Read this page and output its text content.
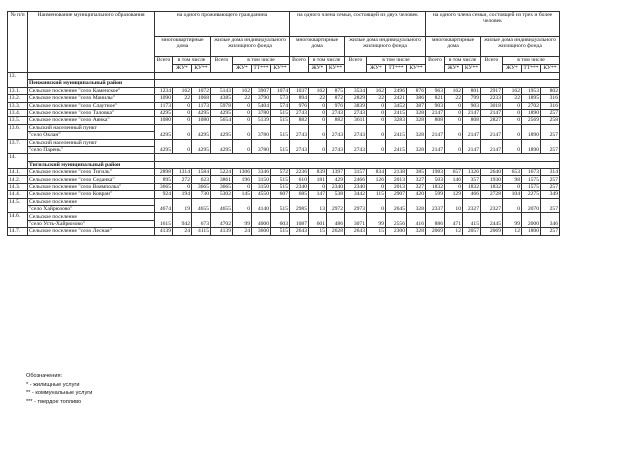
№ п/п	Наименование муниципального образования	на одного проживающего гражданина							на одного члена семьи, состоящей из двух человек							на одного члена семьи, состоящей из трех и более человек						
		многоквартирные дома			жилые дома индивидуального жилищного фонда				многоквартирные дома			жилые дома индивидуального жилищного фонда				многоквартирные дома			жилые дома индивидуального жилищного фонда			
		Всего	в том числе		Всего	в том числе			Всего	в том числе		Всего	в том числе			Всего	в том числе		Всего	в том числе		
			ЖУ*	КУ**		ЖУ*	ТТ***	КУ**		ЖУ*	КУ**		ЖУ*	ТТ***	КУ**		ЖУ*	КУ**		ЖУ*	ТТ***	КУ**
13.																						
	Пенжинский муниципальный район																					
13.1.	Сельское поселение "село Каменское"	1234	162	1072	5143	162	3907	1074	1037	162	875	3534	162	2496	876	963	162	801	2917	162	1953	802
13.2.	Сельское поселение "село Манилы"	1090	22	1068	4385	22	3790	573	894	22	872	2829	22	2421	386	821	22	799	2233	22	1895	316
13.3.	Сельское поселение "село Слаутное"	1173	0	1173	5978	0	5404	574	976	0	976	3839	0	3452	387	903	0	903	3018	0	2702	316
13.4.	Сельское поселение "село Таловка"	4295	0	4295	4295	0	3780	515	2743	0	2743	2743	0	2415	328	2147	0	2147	2147	0	1890	257
13.5.	Сельское поселение "село Аянка"	1080	0	1080	5654	0	5139	515	882	0	882	3611	0	3283	328	808	0	808	2827	0	2569	258
13.6.	Сельский населенный пункт	4295	0	4295	4295	0	3780	515	2743	0	2743	2743	0	2415	328	2147	0	2147	2147	0	1890	257
	"село Оклан"																					
13.7.	Сельский населенный пункт	4295	0	4295	4295	0	3780	515	2743	0	2743	2743	0	2415	328	2147	0	2147	2147	0	1890	257
	"село Парень"																					
14.																						
	Тигильский муниципальный район																					
14.1.	Сельское поселение "село Тигиль"	2898	1314	1584	5224	1306	3346	572	2236	839	1397	3157	834	2138	385	1983	657	1326	2640	653	1673	314
14.2.	Сельское поселение "село Седанка"	895	272	623	3861	196	3150	515	610	181	429	2466	126	2013	327	503	146	357	1930	98	1575	257
14.3.	Сельское поселение "село Воямполка"	3665	0	3665	3665	0	3150	515	2340	0	2340	2340	0	2013	327	1832	0	1832	1832	0	1575	257
14.4.	Сельское поселение "село Ковран"	924	194	730	5302	145	4550	607	685	147	538	3442	115	2907	420	599	129	466	2728	104	2275	349
14.5.	Сельское поселение	4674	19	4655	4655	0	4140	515	2985	13	2972	2973	0	2645	328	2337	10	2327	2327	0	2070	257
	"село Хайрюзово"																					
14.6.	Сельское поселение	1615	942	673	4702	99	4000	603	1087	601	486	3071	99	2556	416	886	471	415	2445	99	2000	346
	"село Усть-Хайрюзово"																					
14.7.	Сельское поселение "село Лесная"	4139	24	4115	4139	24	3600	515	2643	15	2628	2643	15	2300	328	2069	12	2057	2069	12	1800	257
Обозначения:
* - жилищные услуги
** - коммунальные услуги
*** - твердое топливо
